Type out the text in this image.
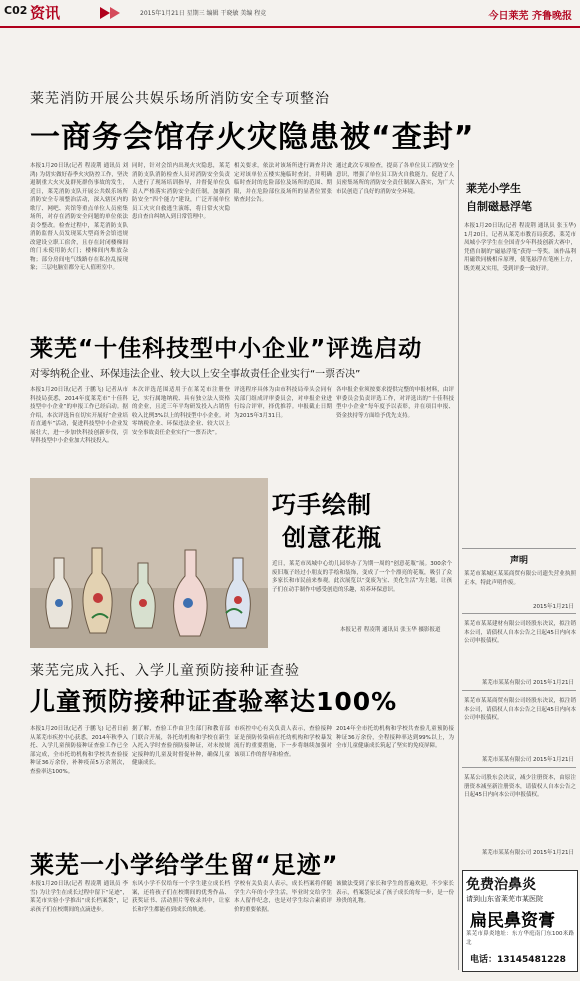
C02 资讯	2015年1月21日 星期三 编辑 干晓敏 美编 程竞	今日莱芜 齐鲁晚报
莱芜消防开展公共娱乐场所消防安全专项整治
一商务会馆存火灾隐患被“查封”
本报1月20日讯(记者 程凌荆 通讯员 刘鸿) 为切实做好春季火灾防控工作，坚决遏制重大火灾及群死群伤事故的发生，近日，莱芜消防支队开展公共娱乐场所消防安全专项整治活动，深入辖区内的歌厅、网吧、宾馆等重点单位人员密集场所，对存在消防安全问题的单位依法责令整改。检查过程中，莱芜消防支队消防监督人员发现某大型商务会馆违规改建设立职工宿舍，且存在封闭楼梯间的门未使用防火门；楼梯间内堆放杂物；部分房间电气线路存在私拉乱接现象；三层电脑室都分无人值班室中。
同时，针对会馆内出现火灾隐患，莱芜消防支队消防检查人员对消防安全负责人进行了现场培训指导，并督促单位负责人严格落实消防安全责任制，加强消防安全“四个能力”建设，广泛开展单位员工火灾自救逃生演练，将日常火灾隐患自查自纠纳入到日常管理中。
相关要求，依法对该场所进行调查并决定对该单位五楼实施临时查封，并明确临时查封的危险部位及场所的范围、期限，并在危险部位及场所的显著位置张贴查封公告。
通过此次专项检查，提高了各单位员工消防安全意识，增强了单位员工防火自救能力，促进了人员密集场所的消防安全责任制深入落实，为广大市民创造了良好的消防安全环境。
莱芜“十佳科技型中小企业”评选启动
对零纳税企业、环保违法企业、较大以上安全事故责任企业实行“一票否决”
本报1月20日讯(记者 于鹏飞) 记者从市科技局获悉，2014年度莱芜市“十佳科技型中小企业”的申报工作已经启动。据介绍，本次评选旨在切实开展好“企业培育直通车”活动，促进科技型中小企业发展壮大，进一步加快科技创新步伐，引导科技型中小企业加大科技投入。
本次评选范围适用于在莱芜市注册登记，实行属地纳税、具有独立法人资格的企业，且近三年平均研发投入占销售收入比例3%以上的科技型中小企业。对零纳税企业、环保违法企业、较大以上安全事故责任企业实行“一票否决”。
评选程序具体为由市科技局牵头会同有关部门组成评审委员会，对申报企业进行综合评审，择优推荐。申报截止日期为2015年3月31日。
各申报企业须按要求提供完整的申报材料，由评审委员会负责评选工作，对评选出的“十佳科技型中小企业”每年度予以表彰，并在项目申报、资金扶持等方面给予优先支持。
巧手绘制
创意花瓶
近日，莱芜市凤城中心幼儿园举办了为期一周的“创意花瓶”展。300余个废旧瓶子经过小朋友的手绘和装饰，变成了一个个漂亮的花瓶，吸引了众多家长和市民前来参观。此次展览以“变废为宝、美化生活”为主题，让孩子们在动手制作中感受创造的乐趣，培养环保意识。
本报记者 程凌荆 通讯员 张玉华 摄影报道
莱芜完成入托、入学儿童预防接种证查验
儿童预防接种证查验率达100%
本报1月20日讯(记者 于鹏飞) 记者日前从莱芜市疾控中心获悉，2014年秋季入托、入学儿童预防接种证查验工作已全部完成，全市托幼机构和学校共查验接种证36万余份，补种疫苗5万余剂次，查验率达100%。
据了解，查验工作由卫生部门和教育部门联合开展，各托幼机构和学校在新生入托入学时查验预防接种证，对未按规定接种的儿童及时督促补种，确保儿童健康成长。
市疾控中心有关负责人表示，查验接种证是预防传染病在托幼机构和学校暴发流行的重要措施，下一步将继续加强对该项工作的督导和检查。
2014年全市托幼机构和学校共查验儿童预防接种证36万余份，全程接种率达到99%以上，为全市儿童健康成长筑起了坚实的免疫屏障。
莱芜一小学给学生留“足迹”
本报1月20日讯(记者 程凌荆 通讯员 李雪) 为让学生在成长过程中留下“足迹”，莱芜市实验小学推出“成长档案袋”，记录孩子们在校期间的点滴进步。
东风小学不仅给每一个学生建立成长档案，还将孩子们在校期间的优秀作品、获奖证书、活动照片等收录其中，让家长和学生都能看到成长的轨迹。
学校有关负责人表示，成长档案将伴随学生六年的小学生活，毕业时交给学生本人留作纪念，也是对学生综合素质评价的重要依据。
该做法受到了家长和学生的普遍欢迎，不少家长表示，档案袋记录了孩子成长的每一步，是一份珍贵的礼物。
莱芜小学生
自制磁悬浮笔
本报1月20日讯(记者 程凌荆 通讯员 张玉华) 1月20日，记者从莱芜市教育局获悉，莱芜市凤城小学学生在全国青少年科技创新大赛中，凭借自制的“磁悬浮笔”获得一等奖。该作品利用磁铁同极相斥原理，使笔悬浮在笔座上方，既美观又实用，受到评委一致好评。
声明
莱芜市莱城区某某商贸有限公司遗失营业执照正本，特此声明作废。
2015年1月21日
莱芜市某某建材有限公司经股东决议，拟注销本公司，请债权人自本公告之日起45日内向本公司申报债权。
莱芜市某某有限公司 2015年1月21日
莱芜市某某商贸有限公司经股东决议，拟注销本公司，请债权人自本公告之日起45日内向本公司申报债权。
莱芜市某某有限公司 2015年1月21日
某某公司股东会决议，减少注册资本，由原注册资本减至新注册资本，请债权人自本公告之日起45日内向本公司申报债权。
莱芜市某某有限公司 2015年1月21日
免费治鼻炎
请到山东省莱芜市某医院
扁民鼻资膏
莱芜市鼻炎地址：东方华庭南门东100米路北
电话：13145481228
